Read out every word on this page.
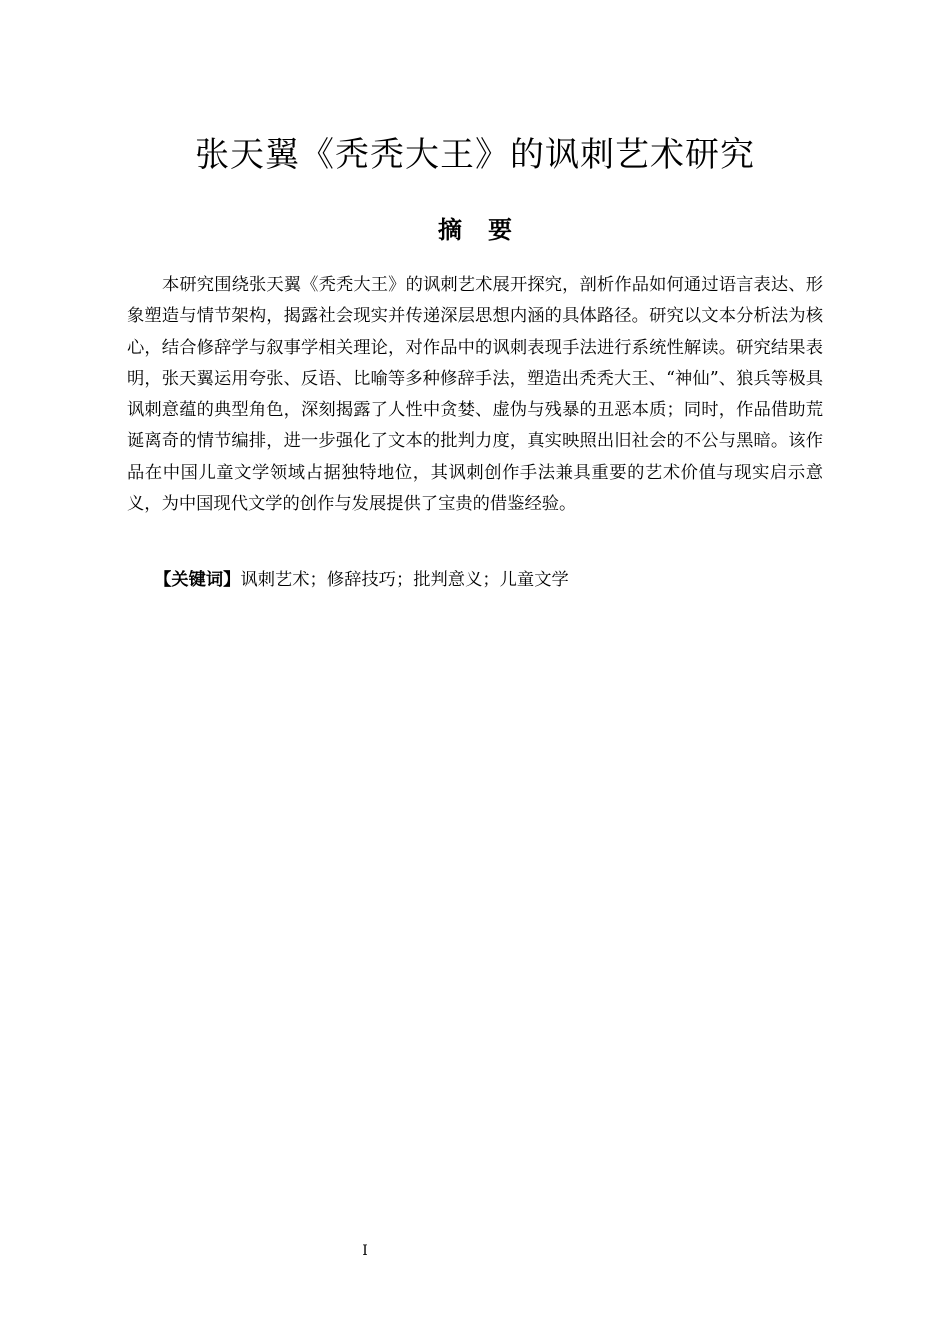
张天翼《秃秃大王》的讽刺艺术研究
摘要

本研究围绕张天翼《秃秃大王》的讽刺艺术展开探究，剖析作品如何通过语言表达、形象塑造与情节架构，揭露社会现实并传递深层思想内涵的具体路径。研究以文本分析法为核心，结合修辞学与叙事学相关理论，对作品中的讽刺表现手法进行系统性解读。研究结果表明，张天翼运用夸张、反语、比喻等多种修辞手法，塑造出秃秃大王、“神仙”、狼兵等极具讽刺意蕴的典型角色，深刻揭露了人性中贪婪、虚伪与残暴的丑恶本质；同时，作品借助荒诞离奇的情节编排，进一步强化了文本的批判力度，真实映照出旧社会的不公与黑暗。该作品在中国儿童文学领域占据独特地位，其讽刺创作手法兼具重要的艺术价值与现实启示意义，为中国现代文学的创作与发展提供了宝贵的借鉴经验。

【关键词】讽刺艺术；修辞技巧；批判意义；儿童文学

I
